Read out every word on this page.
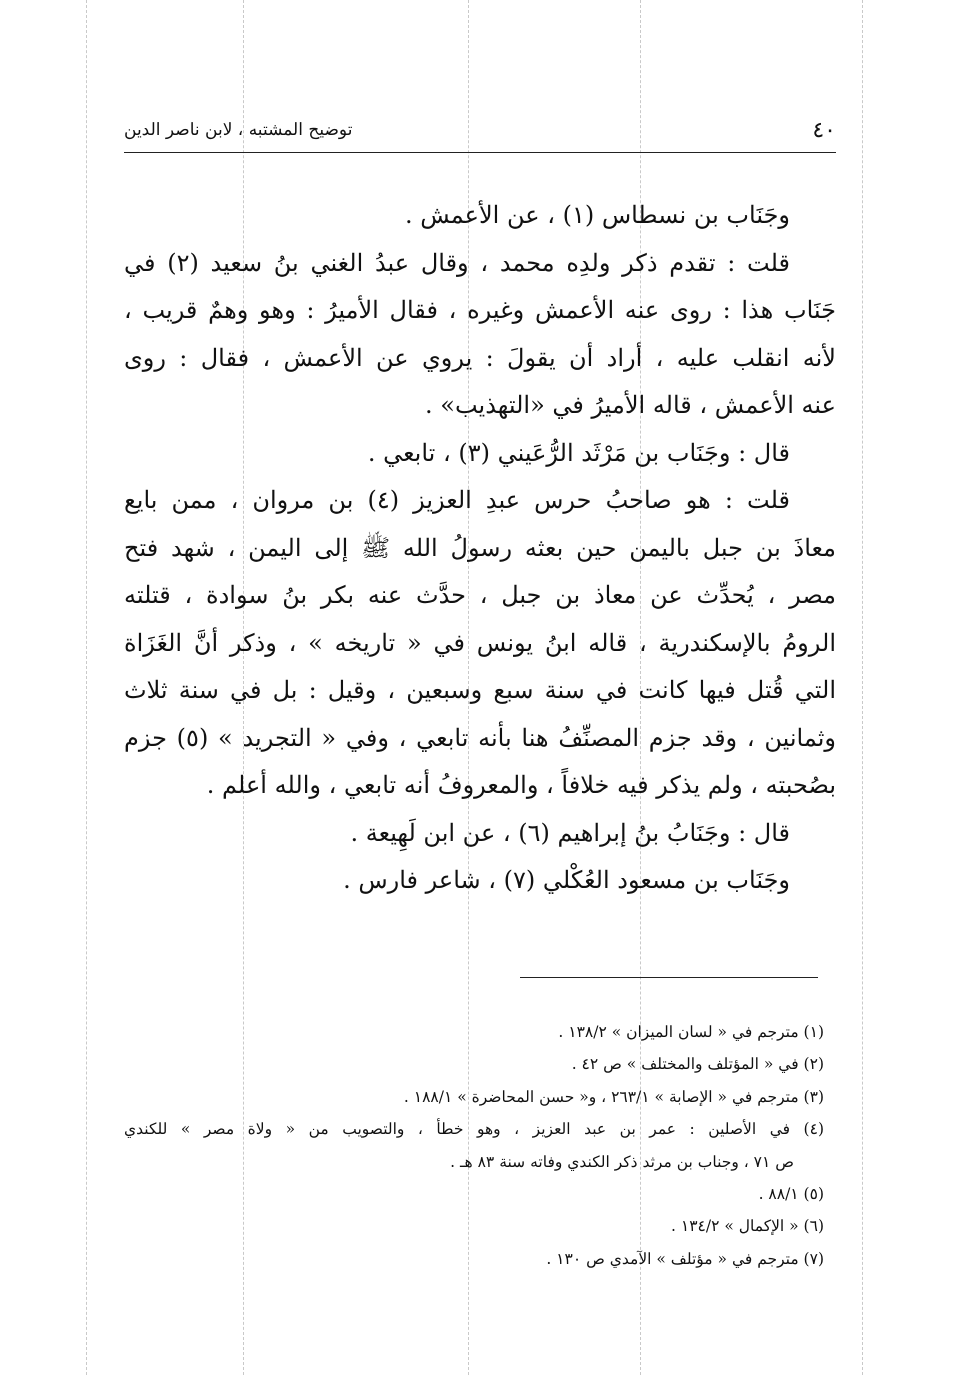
٤٠
توضيح المشتبه ، لابن ناصر الدين
وجَنَاب بن نسطاس (١) ، عن الأعمش .
قلت : تقدم ذكر ولدِه محمد ، وقال عبدُ الغني بنُ سعيد (٢) في
جَنَاب هذا : روى عنه الأعمش وغيره ، فقال الأميرُ : وهو وهمٌ قريب ،
لأنه انقلب عليه ، أراد أن يقولَ : يروي عن الأعمش ، فقال : روى
عنه الأعمش ، قاله الأميرُ في «التهذيب» .
قال : وجَنَاب بن مَرْثَد الرُّعَيني (٣) ، تابعي .
قلت : هو صاحبُ حرس عبدِ العزيز (٤) بن مروان ، ممن بايع
معاذَ بن جبل باليمن حين بعثه رسولُ الله ﷺ إلى اليمن ، شهد فتح
مصر ، يُحدِّث عن معاذ بن جبل ، حدَّث عنه بكر بنُ سوادة ، قتلته
الرومُ بالإسكندرية ، قاله ابنُ يونس في « تاريخه » ، وذكر أنَّ الغَزَاة
التي قُتل فيها كانت في سنة سبع وسبعين ، وقيل : بل في سنة ثلاث
وثمانين ، وقد جزم المصنِّفُ هنا بأنه تابعي ، وفي « التجريد » (٥) جزم
بصُحبته ، ولم يذكر فيه خلافاً ، والمعروفُ أنه تابعي ، والله أعلم .
قال : وجَنَابُ بنُ إبراهيم (٦) ، عن ابن لَهِيعة .
وجَنَاب بن مسعود العُكْلي (٧) ، شاعر فارس .
(١) مترجم في « لسان الميزان » ١٣٨/٢ .
(٢) في « المؤتلف والمختلف » ص ٤٢ .
(٣) مترجم في « الإصابة » ٢٦٣/١ ، و« حسن المحاضرة » ١٨٨/١ .
(٤) في الأصلين : عمر بن عبد العزيز ، وهو خطأ ، والتصويب من « ولاة مصر » للكندي
ص ٧١ ، وجناب بن مرثد ذكر الكندي وفاته سنة ٨٣ هـ .
(٥) ٨٨/١ .
(٦) « الإكمال » ١٣٤/٢ .
(٧) مترجم في « مؤتلف » الآمدي ص ١٣٠ .
